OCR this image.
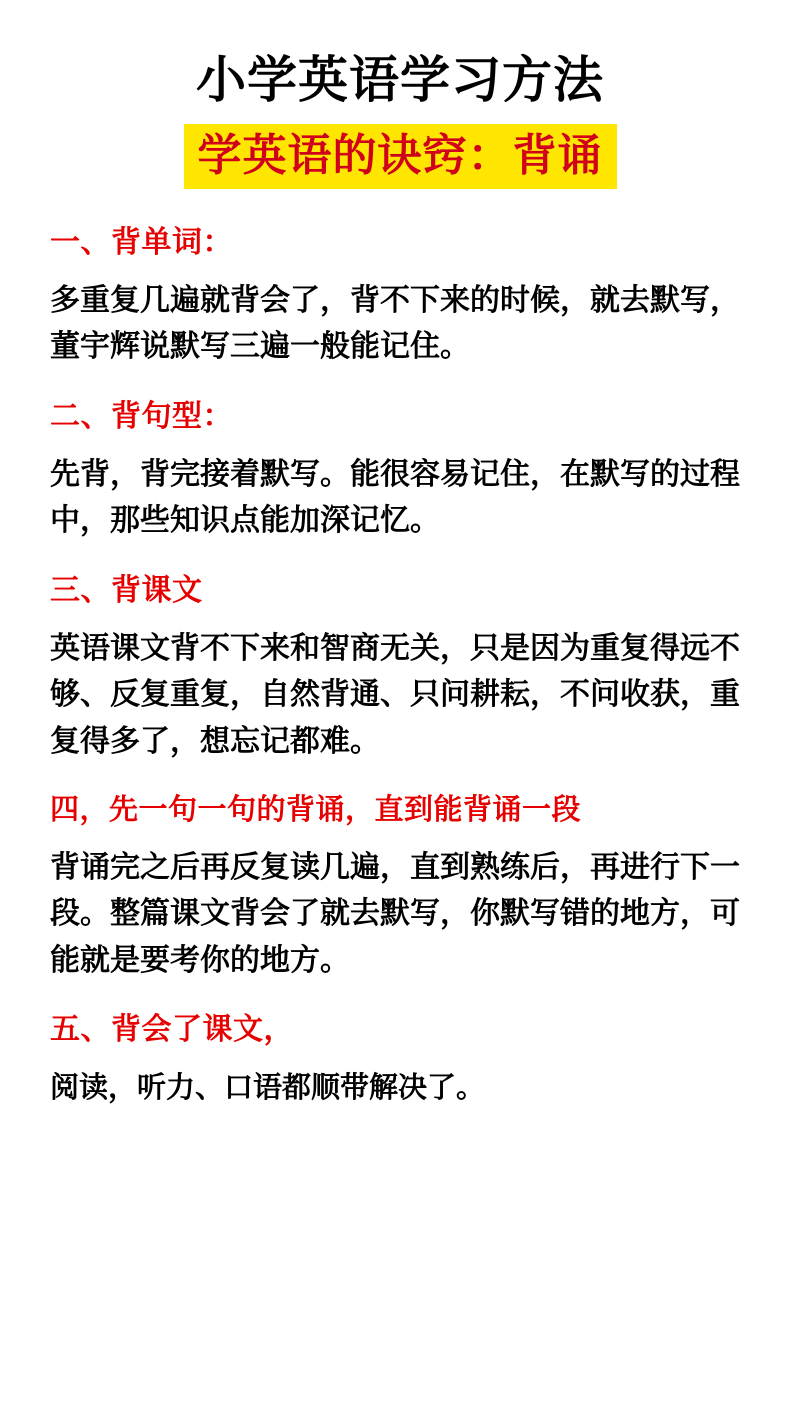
小学英语学习方法
学英语的诀窍：背诵
一、背单词：
多重复几遍就背会了，背不下来的时候，就去默写，董宇辉说默写三遍一般能记住。
二、背句型：
先背，背完接着默写。能很容易记住，在默写的过程中，那些知识点能加深记忆。
三、背课文
英语课文背不下来和智商无关，只是因为重复得远不够、反复重复，自然背通、只问耕耘，不问收获，重复得多了，想忘记都难。
四，先一句一句的背诵，直到能背诵一段
背诵完之后再反复读几遍，直到熟练后，再进行下一段。整篇课文背会了就去默写，你默写错的地方，可能就是要考你的地方。
五、背会了课文，
阅读，听力、口语都顺带解决了。
